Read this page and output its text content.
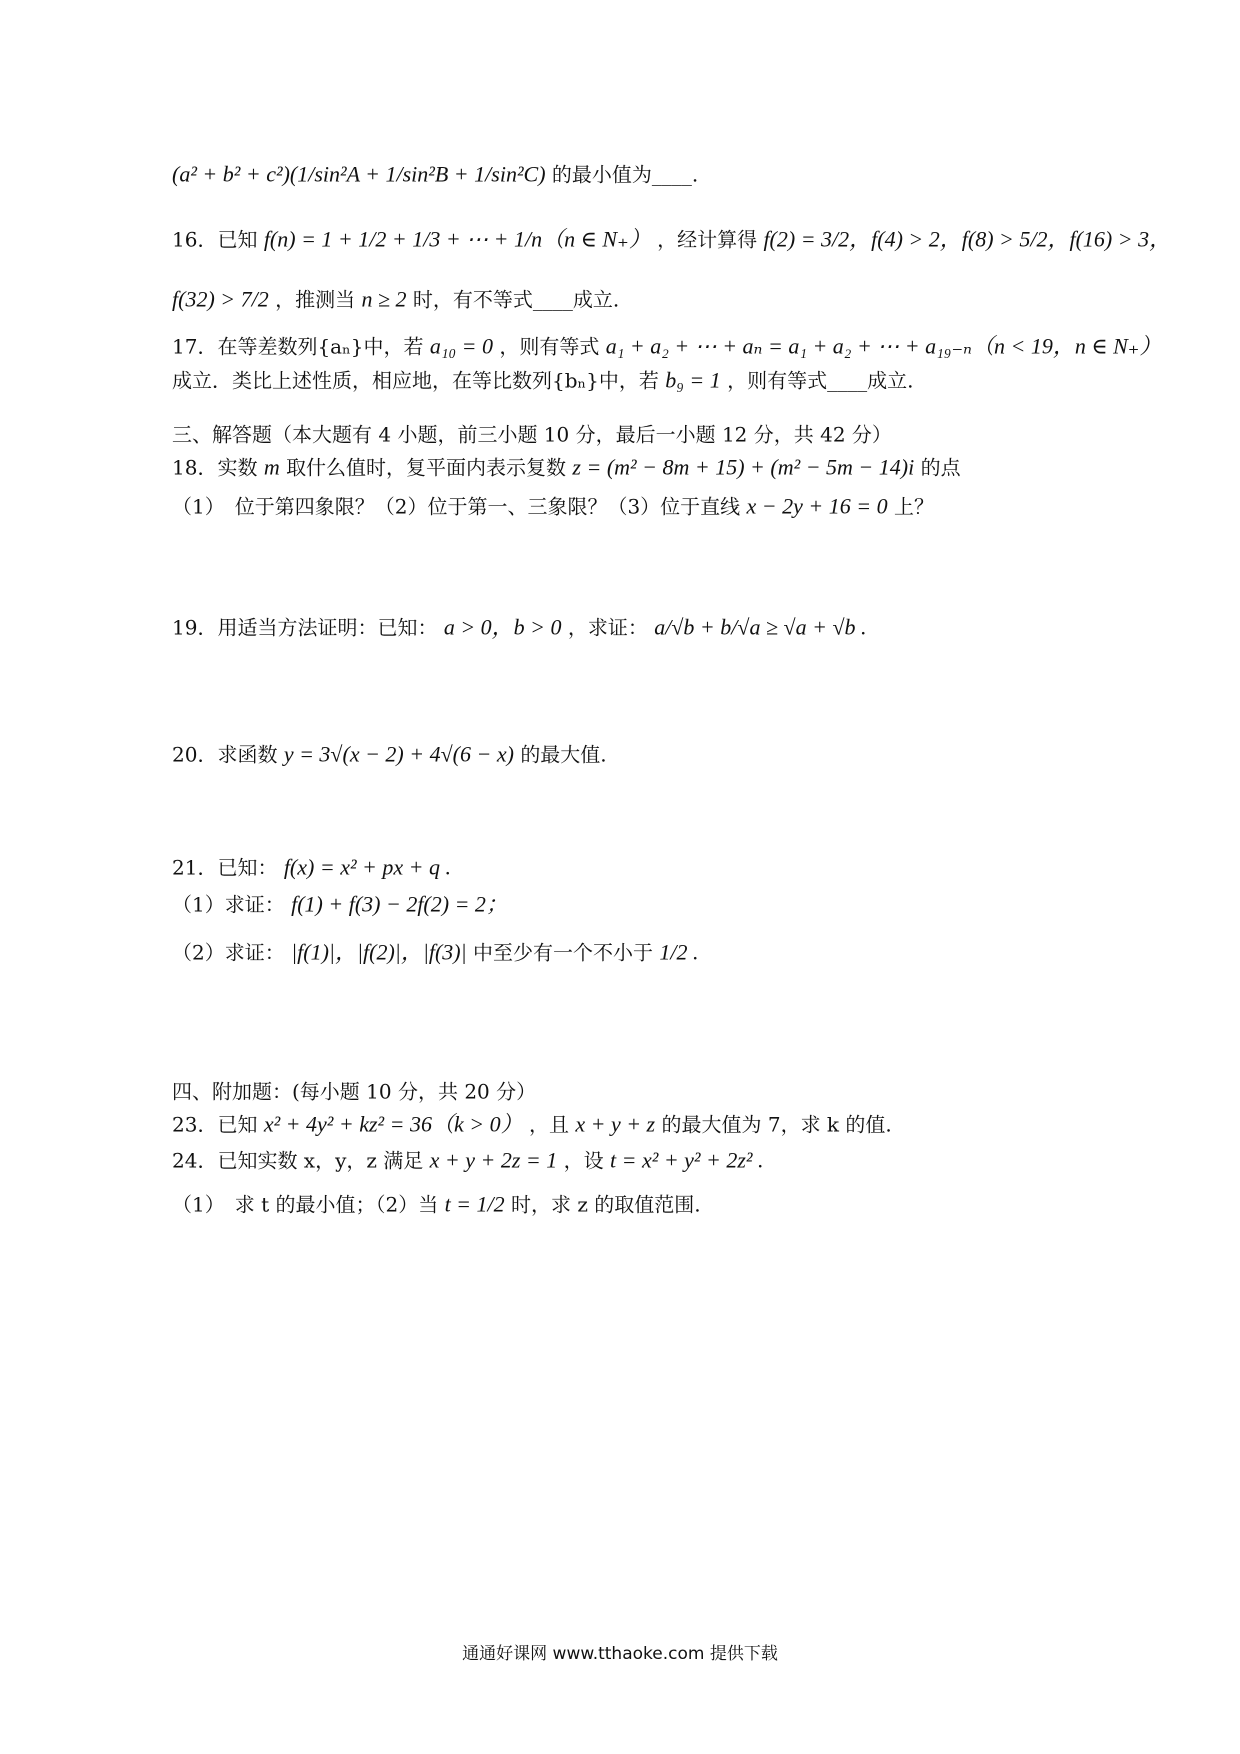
(a² + b² + c²)(1/sin²A + 1/sin²B + 1/sin²C) 的最小值为____.
16．已知 f(n) = 1 + 1/2 + 1/3 + ⋯ + 1/n（n ∈ N₊） ，经计算得 f(2) = 3/2，f(4) > 2，f(8) > 5/2，f(16) > 3，
f(32) > 7/2 ，推测当 n ≥ 2 时，有不等式____成立.
17．在等差数列{aₙ}中，若 a₁₀ = 0 ，则有等式 a₁ + a₂ + ⋯ + aₙ = a₁ + a₂ + ⋯ + a₁₉₋ₙ（n < 19，n ∈ N₊）
成立．类比上述性质，相应地，在等比数列{bₙ}中，若 b₉ = 1 ，则有等式____成立.
三、解答题（本大题有 4 小题，前三小题 10 分，最后一小题 12 分，共 42 分）
18．实数 m 取什么值时，复平面内表示复数 z = (m² − 8m + 15) + (m² − 5m − 14)i 的点
（1）　位于第四象限？（2）位于第一、三象限？（3）位于直线 x − 2y + 16 = 0 上？
19．用适当方法证明：已知： a > 0，b > 0 ，求证： a/√b + b/√a ≥ √a + √b .
20．求函数 y = 3√(x − 2) + 4√(6 − x) 的最大值.
21．已知： f(x) = x² + px + q .
（1）求证： f(1) + f(3) − 2f(2) = 2；
（2）求证： |f(1)|，|f(2)|，|f(3)| 中至少有一个不小于 1/2 .
四、附加题：(每小题 10 分，共 20 分）
23．已知 x² + 4y² + kz² = 36（k > 0） ，且 x + y + z 的最大值为 7，求 k 的值.
24．已知实数 x，y，z 满足 x + y + 2z = 1 ，设 t = x² + y² + 2z² .
（1）　求 t 的最小值；（2）当 t = 1/2 时，求 z 的取值范围.
通通好课网 www.tthaoke.com 提供下载
